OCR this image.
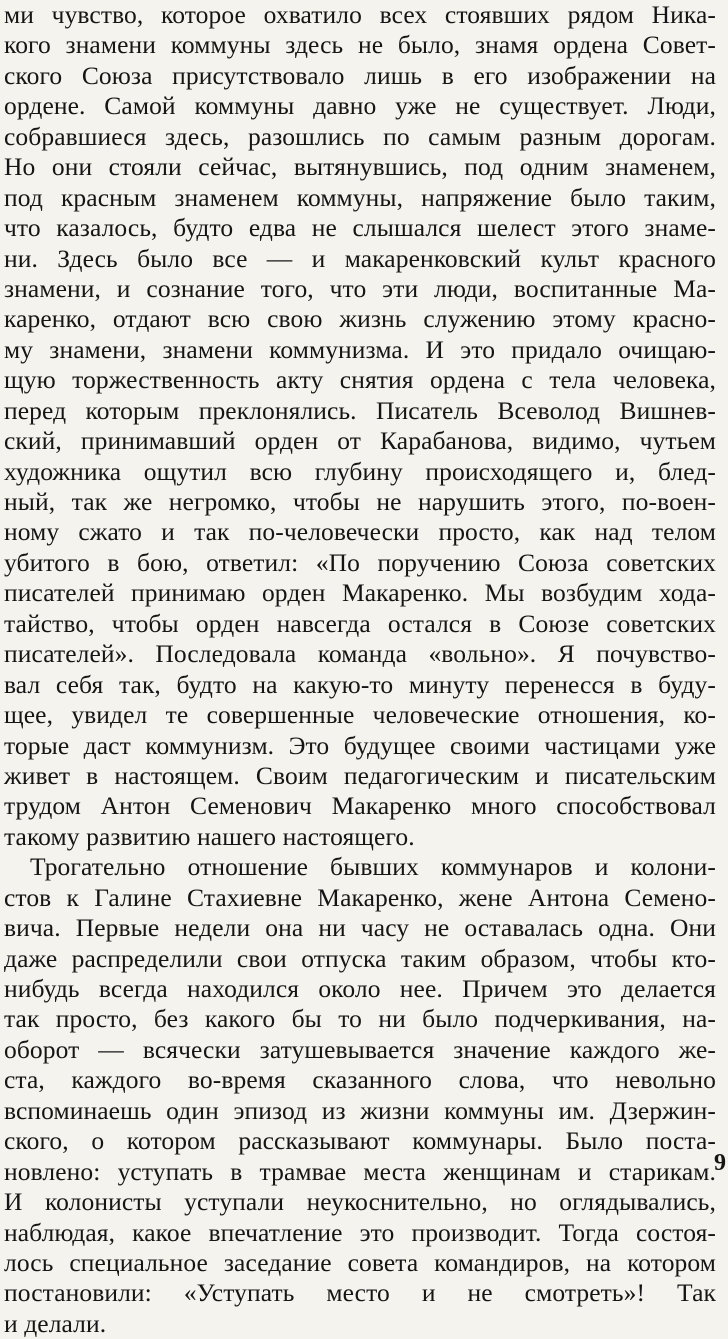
ми чувство, которое охватило всех стоявших рядом Ника-
кого знамени коммуны здесь не было, знамя ордена Совет-
ского Союза присутствовало лишь в его изображении на
ордене. Самой коммуны давно уже не существует. Люди,
собравшиеся здесь, разошлись по самым разным дорогам.
Но они стояли сейчас, вытянувшись, под одним знаменем,
под красным знаменем коммуны, напряжение было таким,
что казалось, будто едва не слышался шелест этого знаме-
ни. Здесь было все — и макаренковский культ красного
знамени, и сознание того, что эти люди, воспитанные Ма-
каренко, отдают всю свою жизнь служению этому красно-
му знамени, знамени коммунизма. И это придало очищаю-
щую торжественность акту снятия ордена с тела человека,
перед которым преклонялись. Писатель Всеволод Вишнев-
ский, принимавший орден от Карабанова, видимо, чутьем
художника ощутил всю глубину происходящего и, блед-
ный, так же негромко, чтобы не нарушить этого, по-воен-
ному сжато и так по-человечески просто, как над телом
убитого в бою, ответил: «По поручению Союза советских
писателей принимаю орден Макаренко. Мы возбудим хода-
тайство, чтобы орден навсегда остался в Союзе советских
писателей». Последовала команда «вольно». Я почувство-
вал себя так, будто на какую-то минуту перенесся в буду-
щее, увидел те совершенные человеческие отношения, ко-
торые даст коммунизм. Это будущее своими частицами уже
живет в настоящем. Своим педагогическим и писательским
трудом Антон Семенович Макаренко много способствовал
такому развитию нашего настоящего.
Трогательно отношение бывших коммунаров и колони-
стов к Галине Стахиевне Макаренко, жене Антона Семено-
вича. Первые недели она ни часу не оставалась одна. Они
даже распределили свои отпуска таким образом, чтобы кто-
нибудь всегда находился около нее. Причем это делается
так просто, без какого бы то ни было подчеркивания, на-
оборот — всячески затушевывается значение каждого же-
ста, каждого во-время сказанного слова, что невольно
вспоминаешь один эпизод из жизни коммуны им. Дзержин-
ского, о котором рассказывают коммунары. Было поста-
новлено: уступать в трамвае места женщинам и старикам.
И колонисты уступали неукоснительно, но оглядывались,
наблюдая, какое впечатление это производит. Тогда состоя-
лось специальное заседание совета командиров, на котором
постановили: «Уступать место и не смотреть»! Так
и делали.
9
